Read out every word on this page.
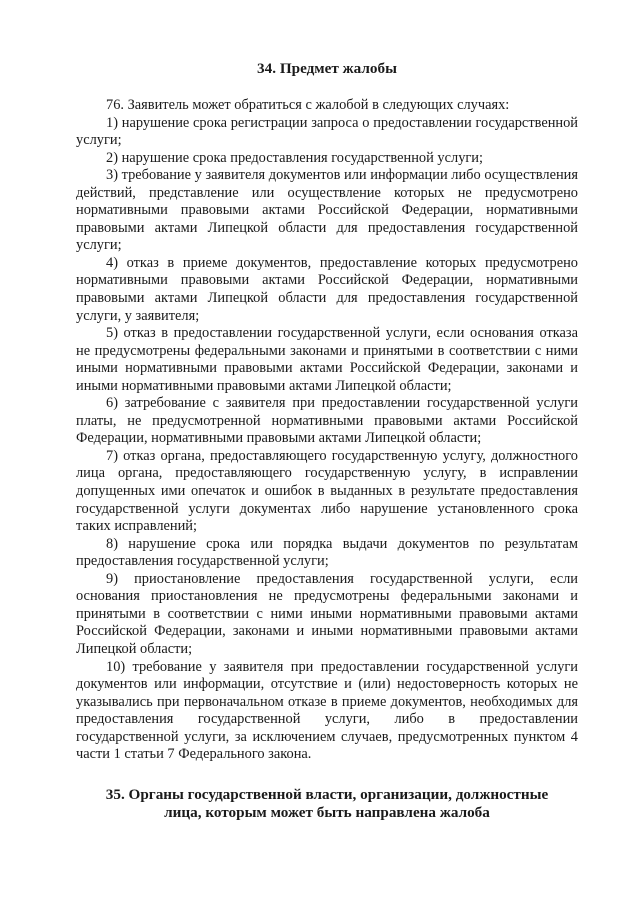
34. Предмет жалобы

76. Заявитель может обратиться с жалобой в следующих случаях:

1) нарушение срока регистрации запроса о предоставлении государственной услуги;

2) нарушение срока предоставления государственной услуги;

3) требование у заявителя документов или информации либо осуществления действий, представление или осуществление которых не предусмотрено нормативными правовыми актами Российской Федерации, нормативными правовыми актами Липецкой области для предоставления государственной услуги;

4) отказ в приеме документов, предоставление которых предусмотрено нормативными правовыми актами Российской Федерации, нормативными правовыми актами Липецкой области для предоставления государственной услуги, у заявителя;

5) отказ в предоставлении государственной услуги, если основания отказа не предусмотрены федеральными законами и принятыми в соответствии с ними иными нормативными правовыми актами Российской Федерации, законами и иными нормативными правовыми актами Липецкой области;

6) затребование с заявителя при предоставлении государственной услуги платы, не предусмотренной нормативными правовыми актами Российской Федерации, нормативными правовыми актами Липецкой области;

7) отказ органа, предоставляющего государственную услугу, должностного лица органа, предоставляющего государственную услугу, в исправлении допущенных ими опечаток и ошибок в выданных в результате предоставления государственной услуги документах либо нарушение установленного срока таких исправлений;

8) нарушение срока или порядка выдачи документов по результатам предоставления государственной услуги;

9) приостановление предоставления государственной услуги, если основания приостановления не предусмотрены федеральными законами и принятыми в соответствии с ними иными нормативными правовыми актами Российской Федерации, законами и иными нормативными правовыми актами Липецкой области;

10) требование у заявителя при предоставлении государственной услуги документов или информации, отсутствие и (или) недостоверность которых не указывались при первоначальном отказе в приеме документов, необходимых для предоставления государственной услуги, либо в предоставлении государственной услуги, за исключением случаев, предусмотренных пунктом 4 части 1 статьи 7 Федерального закона.

35. Органы государственной власти, организации, должностные
лица, которым может быть направлена жалоба
